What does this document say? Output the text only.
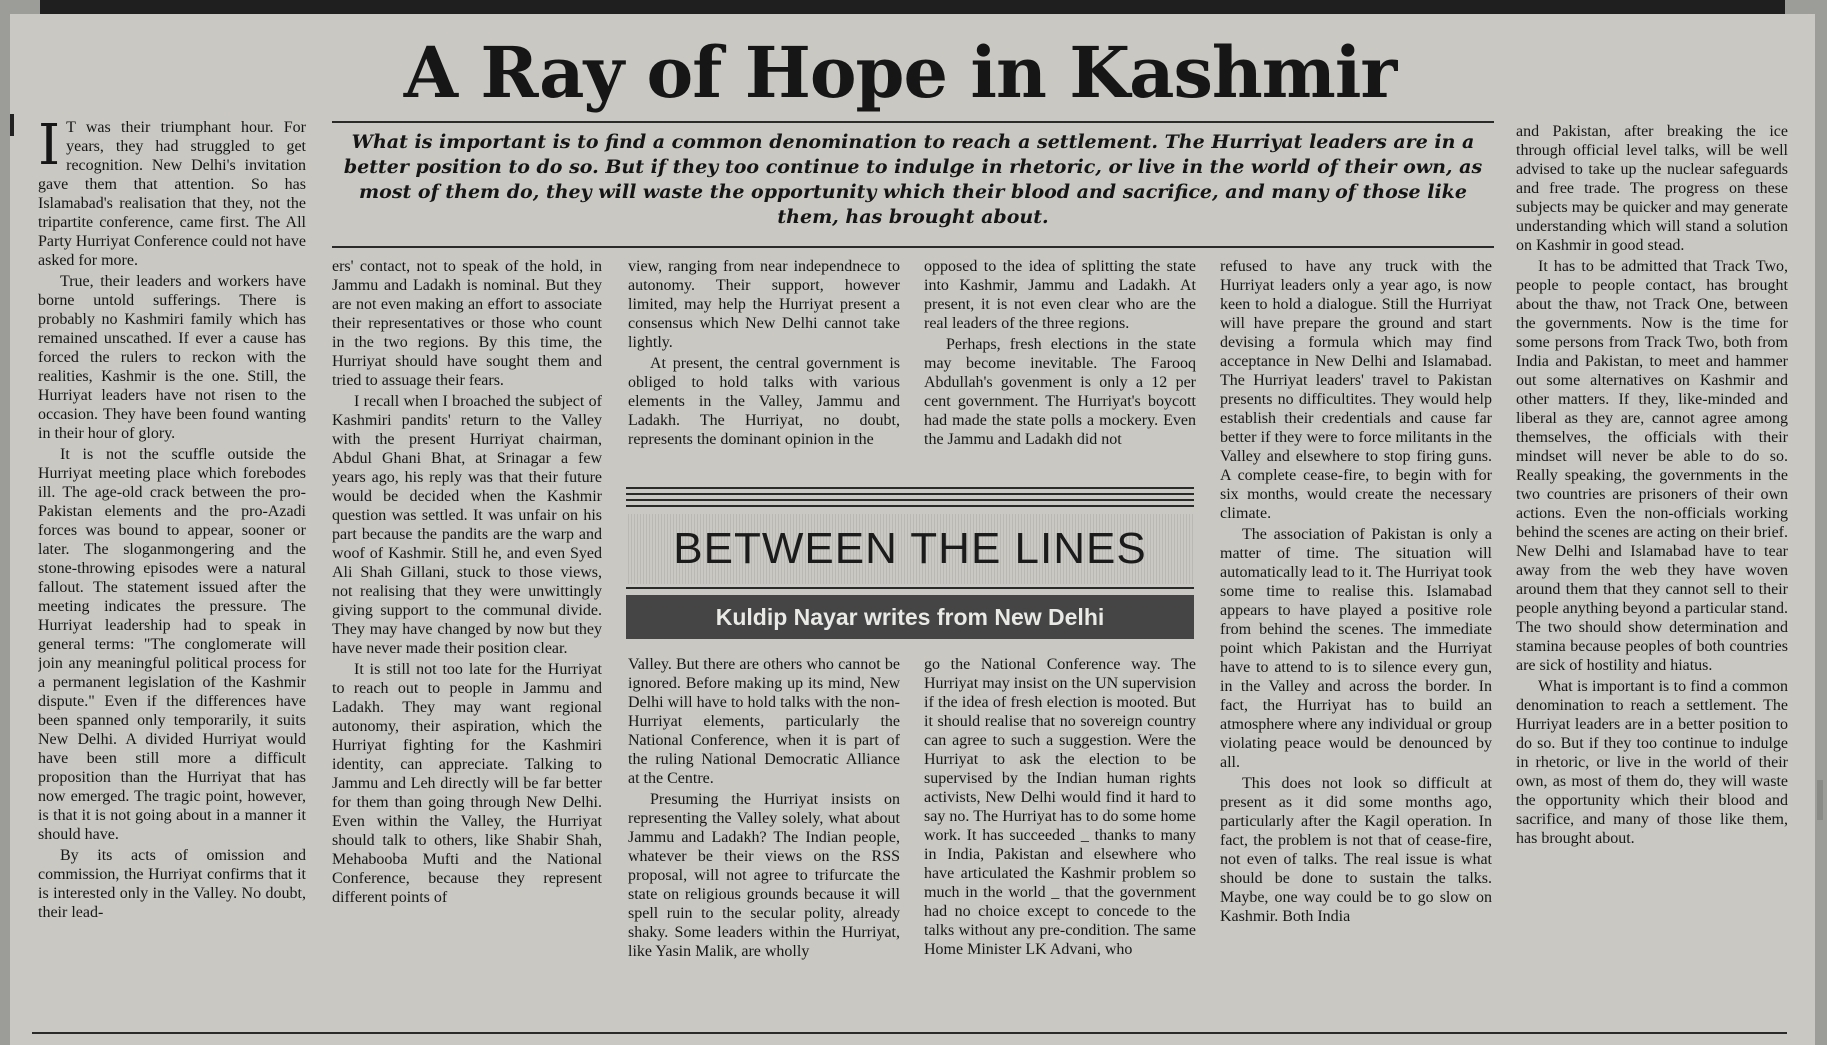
A Ray of Hope in Kashmir
What is important is to find a common denomination to reach a settlement. The Hurriyat leaders are in a better position to do so. But if they too continue to indulge in rhetoric, or live in the world of their own, as most of them do, they will waste the opportunity which their blood and sacrifice, and many of those like them, has brought about.

I T was their triumphant hour. For years, they had struggled to get recognition. New Delhi's invitation gave them that attention. So has Islamabad's realisation that they, not the tripartite conference, came first. The All Party Hurriyat Conference could not have asked for more.

True, their leaders and workers have borne untold sufferings. There is probably no Kashmiri family which has remained unscathed. If ever a cause has forced the rulers to reckon with the realities, Kashmir is the one. Still, the Hurriyat leaders have not risen to the occasion. They have been found wanting in their hour of glory.

It is not the scuffle outside the Hurriyat meeting place which forebodes ill. The age-old crack between the pro-Pakistan elements and the pro-Azadi forces was bound to appear, sooner or later. The sloganmongering and the stone-throwing episodes were a natural fallout. The statement issued after the meeting indicates the pressure. The Hurriyat leadership had to speak in general terms: "The conglomerate will join any meaningful political process for a permanent legislation of the Kashmir dispute." Even if the differences have been spanned only temporarily, it suits New Delhi. A divided Hurriyat would have been still more a difficult proposition than the Hurriyat that has now emerged. The tragic point, however, is that it is not going about in a manner it should have.

By its acts of omission and commission, the Hurriyat confirms that it is interested only in the Valley. No doubt, their lead-

ers' contact, not to speak of the hold, in Jammu and Ladakh is nominal. But they are not even making an effort to associate their representatives or those who count in the two regions. By this time, the Hurriyat should have sought them and tried to assuage their fears.

I recall when I broached the subject of Kashmiri pandits' return to the Valley with the present Hurriyat chairman, Abdul Ghani Bhat, at Srinagar a few years ago, his reply was that their future would be decided when the Kashmir question was settled. It was unfair on his part because the pandits are the warp and woof of Kashmir. Still he, and even Syed Ali Shah Gillani, stuck to those views, not realising that they were unwittingly giving support to the communal divide. They may have changed by now but they have never made their position clear.

It is still not too late for the Hurriyat to reach out to people in Jammu and Ladakh. They may want regional autonomy, their aspiration, which the Hurriyat fighting for the Kashmiri identity, can appreciate. Talking to Jammu and Leh directly will be far better for them than going through New Delhi. Even within the Valley, the Hurriyat should talk to others, like Shabir Shah, Mehabooba Mufti and the National Conference, because they represent different points of

view, ranging from near independnece to autonomy. Their support, however limited, may help the Hurriyat present a consensus which New Delhi cannot take lightly.

At present, the central government is obliged to hold talks with various elements in the Valley, Jammu and Ladakh. The Hurriyat, no doubt, represents the dominant opinion in the

opposed to the idea of splitting the state into Kashmir, Jammu and Ladakh. At present, it is not even clear who are the real leaders of the three regions.

Perhaps, fresh elections in the state may become inevitable. The Farooq Abdullah's govenment is only a 12 per cent government. The Hurriyat's boycott had made the state polls a mockery. Even the Jammu and Ladakh did not

BETWEEN THE LINES
Kuldip Nayar writes from New Delhi

Valley. But there are others who cannot be ignored. Before making up its mind, New Delhi will have to hold talks with the non-Hurriyat elements, particularly the National Conference, when it is part of the ruling National Democratic Alliance at the Centre.

Presuming the Hurriyat insists on representing the Valley solely, what about Jammu and Ladakh? The Indian people, whatever be their views on the RSS proposal, will not agree to trifurcate the state on religious grounds because it will spell ruin to the secular polity, already shaky. Some leaders within the Hurriyat, like Yasin Malik, are wholly

go the National Conference way. The Hurriyat may insist on the UN supervision if the idea of fresh election is mooted. But it should realise that no sovereign country can agree to such a suggestion. Were the Hurriyat to ask the election to be supervised by the Indian human rights activists, New Delhi would find it hard to say no. The Hurriyat has to do some home work. It has succeeded _ thanks to many in India, Pakistan and elsewhere who have articulated the Kashmir problem so much in the world _ that the government had no choice except to concede to the talks without any pre-condition. The same Home Minister LK Advani, who

refused to have any truck with the Hurriyat leaders only a year ago, is now keen to hold a dialogue. Still the Hurriyat will have prepare the ground and start devising a formula which may find acceptance in New Delhi and Islamabad. The Hurriyat leaders' travel to Pakistan presents no difficultites. They would help establish their credentials and cause far better if they were to force militants in the Valley and elsewhere to stop firing guns. A complete cease-fire, to begin with for six months, would create the necessary climate.

The association of Pakistan is only a matter of time. The situation will automatically lead to it. The Hurriyat took some time to realise this. Islamabad appears to have played a positive role from behind the scenes. The immediate point which Pakistan and the Hurriyat have to attend to is to silence every gun, in the Valley and across the border. In fact, the Hurriyat has to build an atmosphere where any individual or group violating peace would be denounced by all.

This does not look so difficult at present as it did some months ago, particularly after the Kagil operation. In fact, the problem is not that of cease-fire, not even of talks. The real issue is what should be done to sustain the talks. Maybe, one way could be to go slow on Kashmir. Both India

and Pakistan, after breaking the ice through official level talks, will be well advised to take up the nuclear safeguards and free trade. The progress on these subjects may be quicker and may generate understanding which will stand a solution on Kashmir in good stead.

It has to be admitted that Track Two, people to people contact, has brought about the thaw, not Track One, between the governments. Now is the time for some persons from Track Two, both from India and Pakistan, to meet and hammer out some alternatives on Kashmir and other matters. If they, like-minded and liberal as they are, cannot agree among themselves, the officials with their mindset will never be able to do so. Really speaking, the governments in the two countries are prisoners of their own actions. Even the non-officials working behind the scenes are acting on their brief. New Delhi and Islamabad have to tear away from the web they have woven around them that they cannot sell to their people anything beyond a particular stand. The two should show determination and stamina because peoples of both countries are sick of hostility and hiatus.

What is important is to find a common denomination to reach a settlement. The Hurriyat leaders are in a better position to do so. But if they too continue to indulge in rhetoric, or live in the world of their own, as most of them do, they will waste the opportunity which their blood and sacrifice, and many of those like them, has brought about.
